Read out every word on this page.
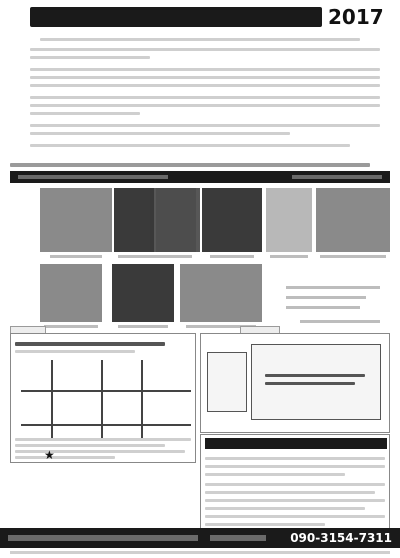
2017
★
090-3154-7311
